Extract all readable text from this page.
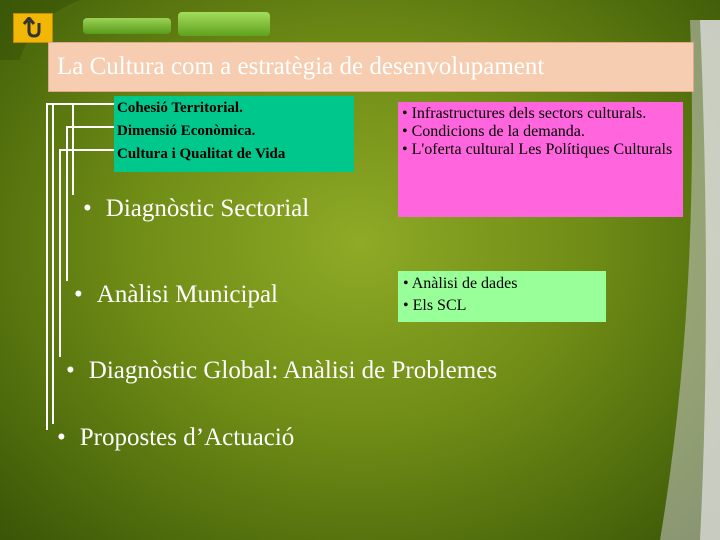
La Cultura com a estratègia de desenvolupament

Cohesió Territorial.

Dimensió Econòmica.

Cultura i Qualitat de Vida

• Infrastructures dels sectors culturals.

• Condicions de la demanda.

• L'oferta cultural Les Polítiques Culturals

• Anàlisi de dades

• Els SCL

• Diagnòstic Sectorial
• Anàlisi Municipal
• Diagnòstic Global: Anàlisi de Problemes
• Propostes d’Actuació
